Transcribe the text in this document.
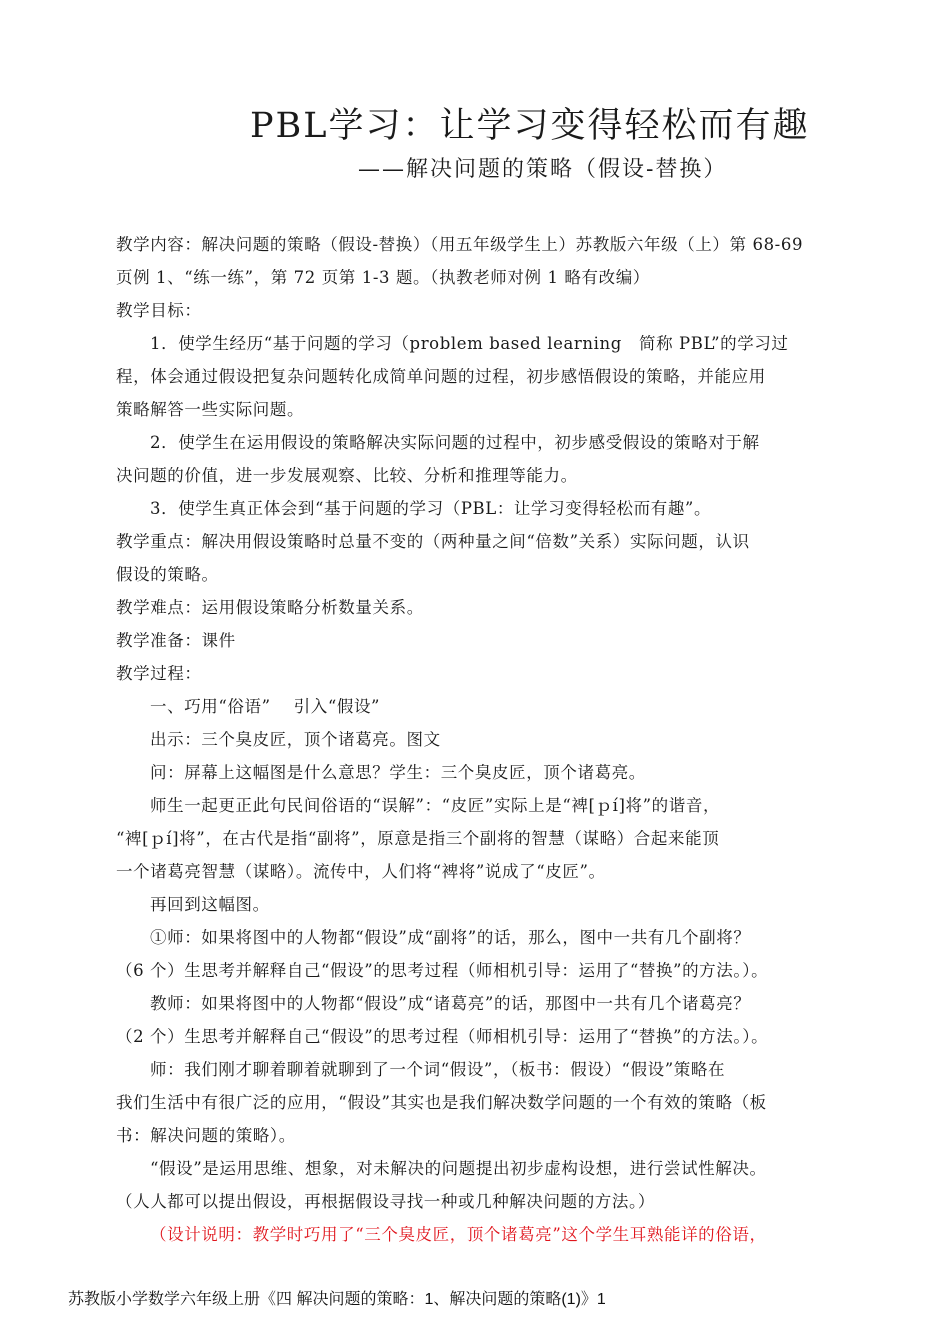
PBL学习：让学习变得轻松而有趣
——解决问题的策略（假设-替换）
教学内容：解决问题的策略（假设-替换）（用五年级学生上）苏教版六年级（上）第 68-69
页例 1、“练一练”，第 72 页第 1-3 题。（执教老师对例 1 略有改编）
教学目标：
1．使学生经历“基于问题的学习（problem based learning　简称 PBL”的学习过
程，体会通过假设把复杂问题转化成简单问题的过程，初步感悟假设的策略，并能应用
策略解答一些实际问题。
2．使学生在运用假设的策略解决实际问题的过程中，初步感受假设的策略对于解
决问题的价值，进一步发展观察、比较、分析和推理等能力。
3．使学生真正体会到“基于问题的学习（PBL：让学习变得轻松而有趣”。
教学重点：解决用假设策略时总量不变的（两种量之间“倍数”关系）实际问题，认识
假设的策略。
教学难点：运用假设策略分析数量关系。
教学准备：课件
教学过程：
一、巧用“俗语”　 引入“假设”
出示：三个臭皮匠，顶个诸葛亮。图文
问：屏幕上这幅图是什么意思？学生：三个臭皮匠，顶个诸葛亮。
师生一起更正此句民间俗语的“误解”：“皮匠”实际上是“裨[ｐí]将”的谐音，
“裨[ｐí]将”，在古代是指“副将”，原意是指三个副将的智慧（谋略）合起来能顶
一个诸葛亮智慧（谋略）。流传中，人们将“裨将”说成了“皮匠”。
再回到这幅图。
①师：如果将图中的人物都“假设”成“副将”的话，那么，图中一共有几个副将？
（6 个）生思考并解释自己“假设”的思考过程（师相机引导：运用了“替换”的方法。）。
教师：如果将图中的人物都“假设”成“诸葛亮”的话，那图中一共有几个诸葛亮？
（2 个）生思考并解释自己“假设”的思考过程（师相机引导：运用了“替换”的方法。）。
师：我们刚才聊着聊着就聊到了一个词“假设”，（板书：假设）“假设”策略在
我们生活中有很广泛的应用，“假设”其实也是我们解决数学问题的一个有效的策略（板
书：解决问题的策略）。
“假设”是运用思维、想象，对未解决的问题提出初步虚构设想，进行尝试性解决。
（人人都可以提出假设，再根据假设寻找一种或几种解决问题的方法。）
（设计说明：教学时巧用了“三个臭皮匠，顶个诸葛亮”这个学生耳熟能详的俗语，
苏教版小学数学六年级上册《四 解决问题的策略：1、解决问题的策略(1)》1
